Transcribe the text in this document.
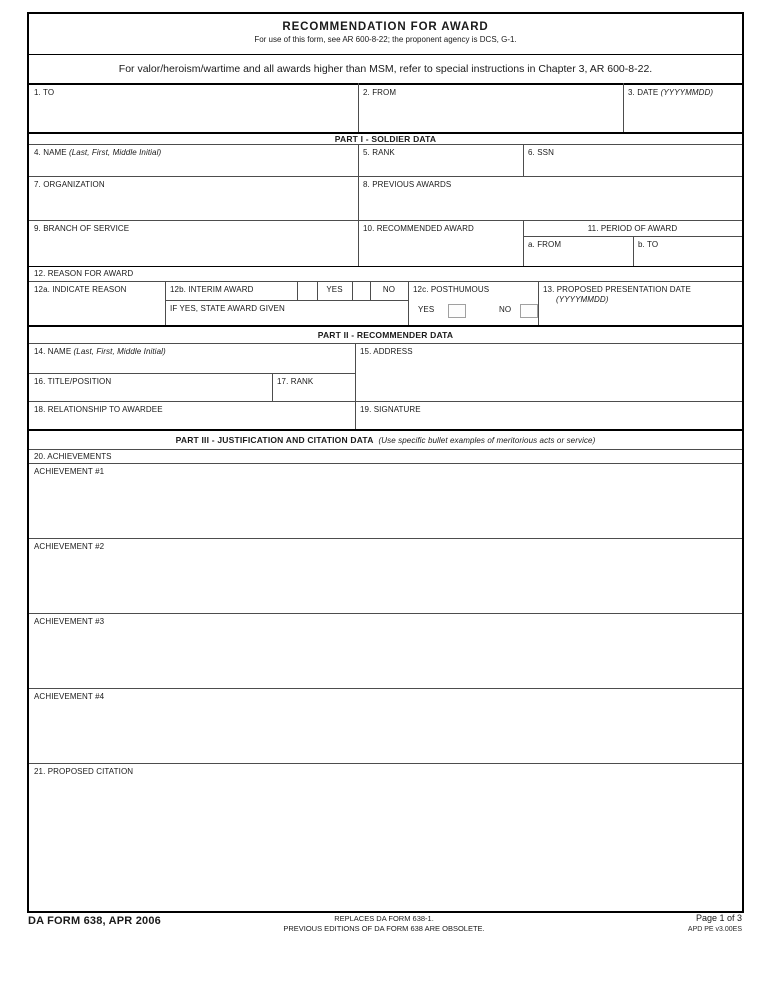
RECOMMENDATION FOR AWARD
For use of this form, see AR 600-8-22; the proponent agency is DCS, G-1.
For valor/heroism/wartime and all awards higher than MSM, refer to special instructions in Chapter 3, AR 600-8-22.
1. TO	2. FROM	3. DATE (YYYYMMDD)
PART I - SOLDIER DATA
4. NAME (Last, First, Middle Initial)	5. RANK	6. SSN
7. ORGANIZATION	8. PREVIOUS AWARDS
9. BRANCH OF SERVICE	10. RECOMMENDED AWARD	11. PERIOD OF AWARD
a. FROM	b. TO
12. REASON FOR AWARD
12a. INDICATE REASON	12b. INTERIM AWARD	YES	NO
IF YES, STATE AWARD GIVEN
12c. POSTHUMOUS
YES	NO
13. PROPOSED PRESENTATION DATE
(YYYYMMDD)
PART II - RECOMMENDER DATA
14. NAME (Last, First, Middle Initial)	15. ADDRESS
16. TITLE/POSITION	17. RANK
18. RELATIONSHIP TO AWARDEE	19. SIGNATURE
PART III - JUSTIFICATION AND CITATION DATA (Use specific bullet examples of meritorious acts or service)
20. ACHIEVEMENTS
ACHIEVEMENT #1
ACHIEVEMENT #2
ACHIEVEMENT #3
ACHIEVEMENT #4
21. PROPOSED CITATION
DA FORM 638, APR 2006	REPLACES DA FORM 638-1.
PREVIOUS EDITIONS OF DA FORM 638 ARE OBSOLETE.
Page 1 of 3
APD PE v3.00ES
